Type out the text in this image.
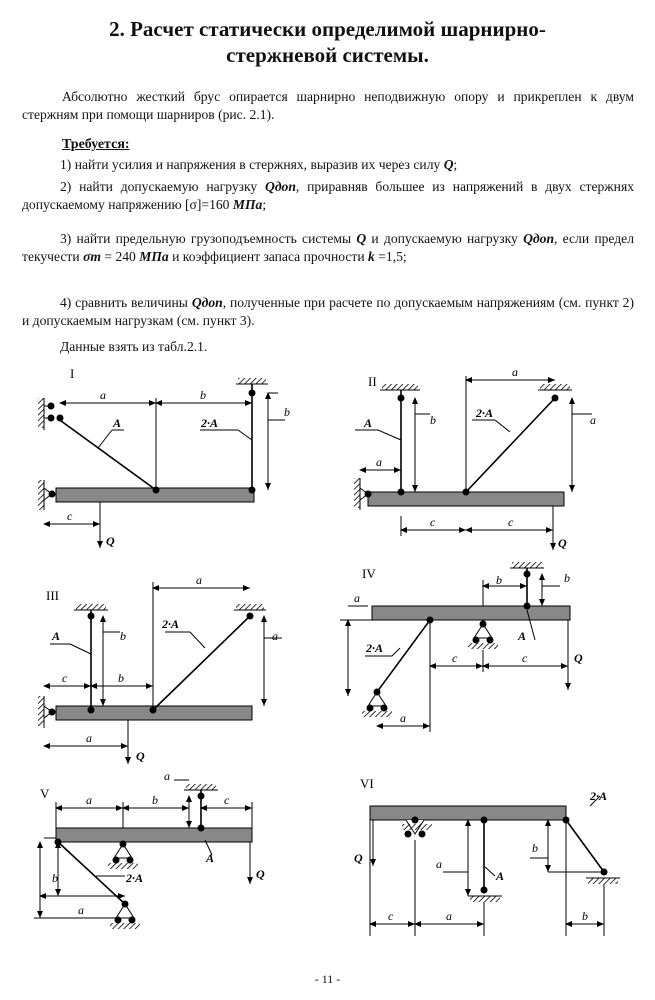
2. Расчет статически определимой шарнирно-
стержневой системы.
Абсолютно жесткий брус опирается шарнирно неподвижную опору и прикреплен к двум стержням при помощи шарниров (рис. 2.1).
Требуется:
1) найти усилия и напряжения в стержнях, выразив их через силу Q;
2) найти допускаемую нагрузку Qдоп, приравняв большее из напряжений в двух стержнях допускаемому напряжению [σ]=160 МПа;
3) найти предельную грузоподъемность системы Q и допускаемую нагрузку Qдоп, если предел текучести σт = 240 МПа и коэффициент запаса прочности k =1,5;
4) сравнить величины Qдоп, полученные при расчете по допускаемым напряжениям (см. пункт 2) и допускаемым нагрузкам (см. пункт 3).
Данные взять из табл.2.1.
I
a	b
b
A	2·A
c
Q
II
a
A	b	2·A	a
a
c	c
Q
III
a
A	b
2·A
a
c	b
a
Q
IV	b	b
a
2·A
A
c	c	Q
a
V
a
a	b	c
A
Q
b	2·A
a
VI
2·A
Q	a
A
b
c	a	b
- 11 -
